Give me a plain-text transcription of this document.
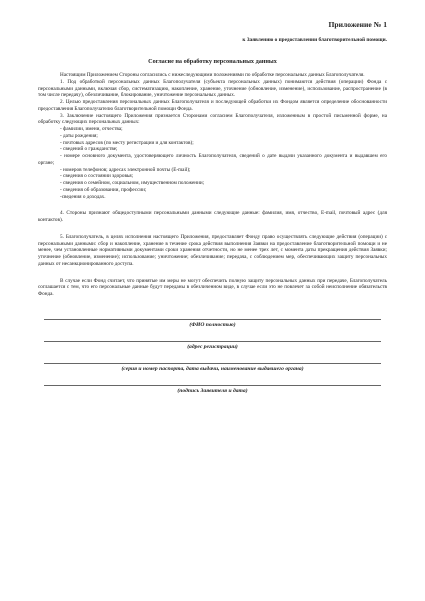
Приложение № 1

к Заявлению о предоставлении благотворительной помощи.

Согласие на обработку персональных данных

Настоящим Приложением Стороны согласились с нижеследующими положениями по обработке персональных данных Благополучателя.

1. Под обработкой персональных данных Благополучателя (субъекта персональных данных) понимаются действия (операции) Фонда с персональными данными, включая сбор, систематизацию, накопление, хранение, уточнение (обновление, изменение), использование, распространение (в том числе передачу), обезличивание, блокирование, уничтожение персональных данных.

2. Целью предоставления персональных данных Благополучателя и последующей обработки их Фондом является определение обоснованности предоставления Благополучателю благотворительной помощи Фонда.

3. Заключение настоящего Приложения признается Сторонами согласием Благополучателя, изложенным в простой письменной форме, на обработку следующих персональных данных:

- фамилии, имени, отчества;
- даты рождения;
- почтовых адресов (по месту регистрации и для контактов);
- сведений о гражданстве;
- номере основного документа, удостоверяющего личность Благополучателя, сведений о дате выдачи указанного документа и выдавшем его органе;
- номеров телефонов; адресах электронной почты (E-mail);
- сведения о состоянии здоровья;
- сведения о семейном, социальном, имущественном положении;
- сведения об образовании, профессии;
-сведения о доходах.

4. Стороны признают общедоступными персональными данными следующие данные: фамилия, имя, отчество, E-mail, почтовый адрес (для контактов).

5. Благополучатель, в целях исполнения настоящего Приложения, предоставляет Фонду право осуществлять следующие действия (операции) с персональными данными: сбор и накопление, хранение в течение срока действия выполнения Заявки на предоставление благотворительной помощи и не менее, чем установленные нормативными документами сроки хранения отчетности, но не менее трех лет, с момента даты прекращения действия Заявки; уточнение (обновление, изменение); использование; уничтожение; обезличивание; передача, с соблюдением мер, обеспечивающих защиту персональных данных от несанкционированного доступа.

В случае если Фонд считает, что принятые им меры не могут обеспечить полную защиту персональных данных при передаче, Благополучатель соглашается с тем, что его персональные данные будут переданы в обезличенном виде, в случае если это не повлечет за собой неисполнение обязательств Фонда.

(ФИО полностью)

(адрес регистрации)

(серия и номер паспорта, дата выдачи, наименование выдавшего органа)

(подпись Заявителя и дата)
